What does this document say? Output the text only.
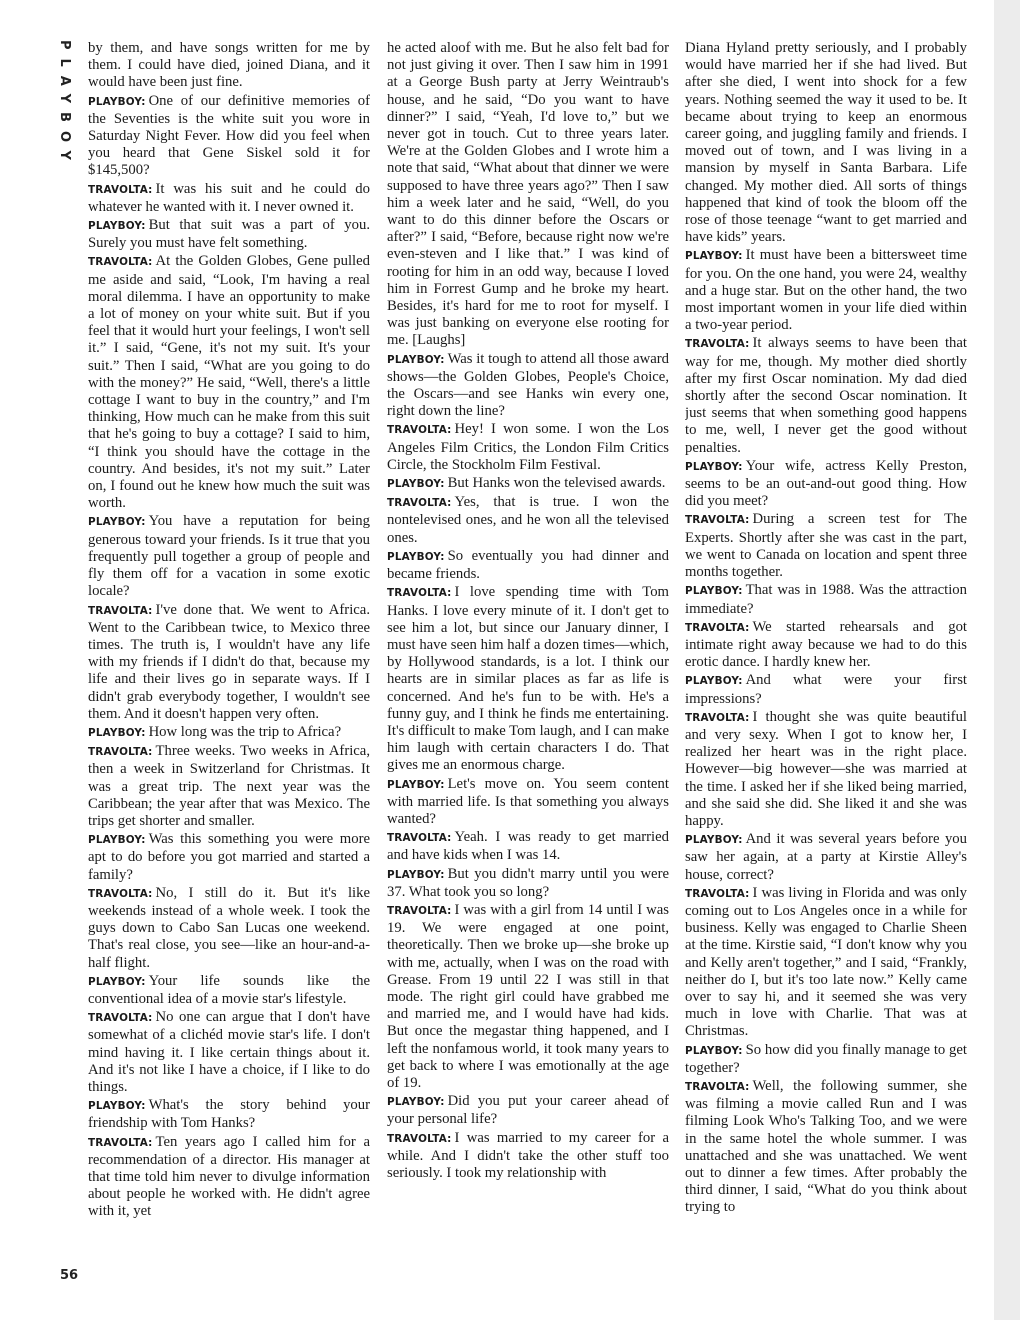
PLAYBOY
56

by them, and have songs written for me by them. I could have died, joined Diana, and it would have been just fine.

PLAYBOY: One of our definitive memories of the Seventies is the white suit you wore in Saturday Night Fever. How did you feel when you heard that Gene Siskel sold it for $145,500?

TRAVOLTA: It was his suit and he could do whatever he wanted with it. I never owned it.

PLAYBOY: But that suit was a part of you. Surely you must have felt something.

TRAVOLTA: At the Golden Globes, Gene pulled me aside and said, “Look, I'm having a real moral dilemma. I have an opportunity to make a lot of money on your white suit. But if you feel that it would hurt your feelings, I won't sell it.” I said, “Gene, it's not my suit. It's your suit.” Then I said, “What are you going to do with the money?” He said, “Well, there's a little cottage I want to buy in the country,” and I'm thinking, How much can he make from this suit that he's going to buy a cottage? I said to him, “I think you should have the cottage in the country. And besides, it's not my suit.” Later on, I found out he knew how much the suit was worth.

PLAYBOY: You have a reputation for being generous toward your friends. Is it true that you frequently pull together a group of people and fly them off for a vacation in some exotic locale?

TRAVOLTA: I've done that. We went to Africa. Went to the Caribbean twice, to Mexico three times. The truth is, I wouldn't have any life with my friends if I didn't do that, because my life and their lives go in separate ways. If I didn't grab everybody together, I wouldn't see them. And it doesn't happen very often.

PLAYBOY: How long was the trip to Africa?

TRAVOLTA: Three weeks. Two weeks in Africa, then a week in Switzerland for Christmas. It was a great trip. The next year was the Caribbean; the year after that was Mexico. The trips get shorter and smaller.

PLAYBOY: Was this something you were more apt to do before you got married and started a family?

TRAVOLTA: No, I still do it. But it's like weekends instead of a whole week. I took the guys down to Cabo San Lucas one weekend. That's real close, you see—like an hour-and-a-half flight.

PLAYBOY: Your life sounds like the conventional idea of a movie star's lifestyle.

TRAVOLTA: No one can argue that I don't have somewhat of a clichéd movie star's life. I don't mind having it. I like certain things about it. And it's not like I have a choice, if I like to do things.

PLAYBOY: What's the story behind your friendship with Tom Hanks?

TRAVOLTA: Ten years ago I called him for a recommendation of a director. His manager at that time told him never to divulge information about people he worked with. He didn't agree with it, yet

he acted aloof with me. But he also felt bad for not just giving it over. Then I saw him in 1991 at a George Bush party at Jerry Weintraub's house, and he said, “Do you want to have dinner?” I said, “Yeah, I'd love to,” but we never got in touch. Cut to three years later. We're at the Golden Globes and I wrote him a note that said, “What about that dinner we were supposed to have three years ago?” Then I saw him a week later and he said, “Well, do you want to do this dinner before the Oscars or after?” I said, “Before, because right now we're even-steven and I like that.” I was kind of rooting for him in an odd way, because I loved him in Forrest Gump and he broke my heart. Besides, it's hard for me to root for myself. I was just banking on everyone else rooting for me. [Laughs]

PLAYBOY: Was it tough to attend all those award shows—the Golden Globes, People's Choice, the Oscars—and see Hanks win every one, right down the line?

TRAVOLTA: Hey! I won some. I won the Los Angeles Film Critics, the London Film Critics Circle, the Stockholm Film Festival.

PLAYBOY: But Hanks won the televised awards.

TRAVOLTA: Yes, that is true. I won the nontelevised ones, and he won all the televised ones.

PLAYBOY: So eventually you had dinner and became friends.

TRAVOLTA: I love spending time with Tom Hanks. I love every minute of it. I don't get to see him a lot, but since our January dinner, I must have seen him half a dozen times—which, by Hollywood standards, is a lot. I think our hearts are in similar places as far as life is concerned. And he's fun to be with. He's a funny guy, and I think he finds me entertaining. It's difficult to make Tom laugh, and I can make him laugh with certain characters I do. That gives me an enormous charge.

PLAYBOY: Let's move on. You seem content with married life. Is that something you always wanted?

TRAVOLTA: Yeah. I was ready to get married and have kids when I was 14.

PLAYBOY: But you didn't marry until you were 37. What took you so long?

TRAVOLTA: I was with a girl from 14 until I was 19. We were engaged at one point, theoretically. Then we broke up—she broke up with me, actually, when I was on the road with Grease. From 19 until 22 I was still in that mode. The right girl could have grabbed me and married me, and I would have had kids. But once the megastar thing happened, and I left the nonfamous world, it took many years to get back to where I was emotionally at the age of 19.

PLAYBOY: Did you put your career ahead of your personal life?

TRAVOLTA: I was married to my career for a while. And I didn't take the other stuff too seriously. I took my relationship with

Diana Hyland pretty seriously, and I probably would have married her if she had lived. But after she died, I went into shock for a few years. Nothing seemed the way it used to be. It became about trying to keep an enormous career going, and juggling family and friends. I moved out of town, and I was living in a mansion by myself in Santa Barbara. Life changed. My mother died. All sorts of things happened that kind of took the bloom off the rose of those teenage “want to get married and have kids” years.

PLAYBOY: It must have been a bittersweet time for you. On the one hand, you were 24, wealthy and a huge star. But on the other hand, the two most important women in your life died within a two-year period.

TRAVOLTA: It always seems to have been that way for me, though. My mother died shortly after my first Oscar nomination. My dad died shortly after the second Oscar nomination. It just seems that when something good happens to me, well, I never get the good without penalties.

PLAYBOY: Your wife, actress Kelly Preston, seems to be an out-and-out good thing. How did you meet?

TRAVOLTA: During a screen test for The Experts. Shortly after she was cast in the part, we went to Canada on location and spent three months together.

PLAYBOY: That was in 1988. Was the attraction immediate?

TRAVOLTA: We started rehearsals and got intimate right away because we had to do this erotic dance. I hardly knew her.

PLAYBOY: And what were your first impressions?

TRAVOLTA: I thought she was quite beautiful and very sexy. When I got to know her, I realized her heart was in the right place. However—big however—she was married at the time. I asked her if she liked being married, and she said she did. She liked it and she was happy.

PLAYBOY: And it was several years before you saw her again, at a party at Kirstie Alley's house, correct?

TRAVOLTA: I was living in Florida and was only coming out to Los Angeles once in a while for business. Kelly was engaged to Charlie Sheen at the time. Kirstie said, “I don't know why you and Kelly aren't together,” and I said, “Frankly, neither do I, but it's too late now.” Kelly came over to say hi, and it seemed she was very much in love with Charlie. That was at Christmas.

PLAYBOY: So how did you finally manage to get together?

TRAVOLTA: Well, the following summer, she was filming a movie called Run and I was filming Look Who's Talking Too, and we were in the same hotel the whole summer. I was unattached and she was unattached. We went out to dinner a few times. After probably the third dinner, I said, “What do you think about trying to
